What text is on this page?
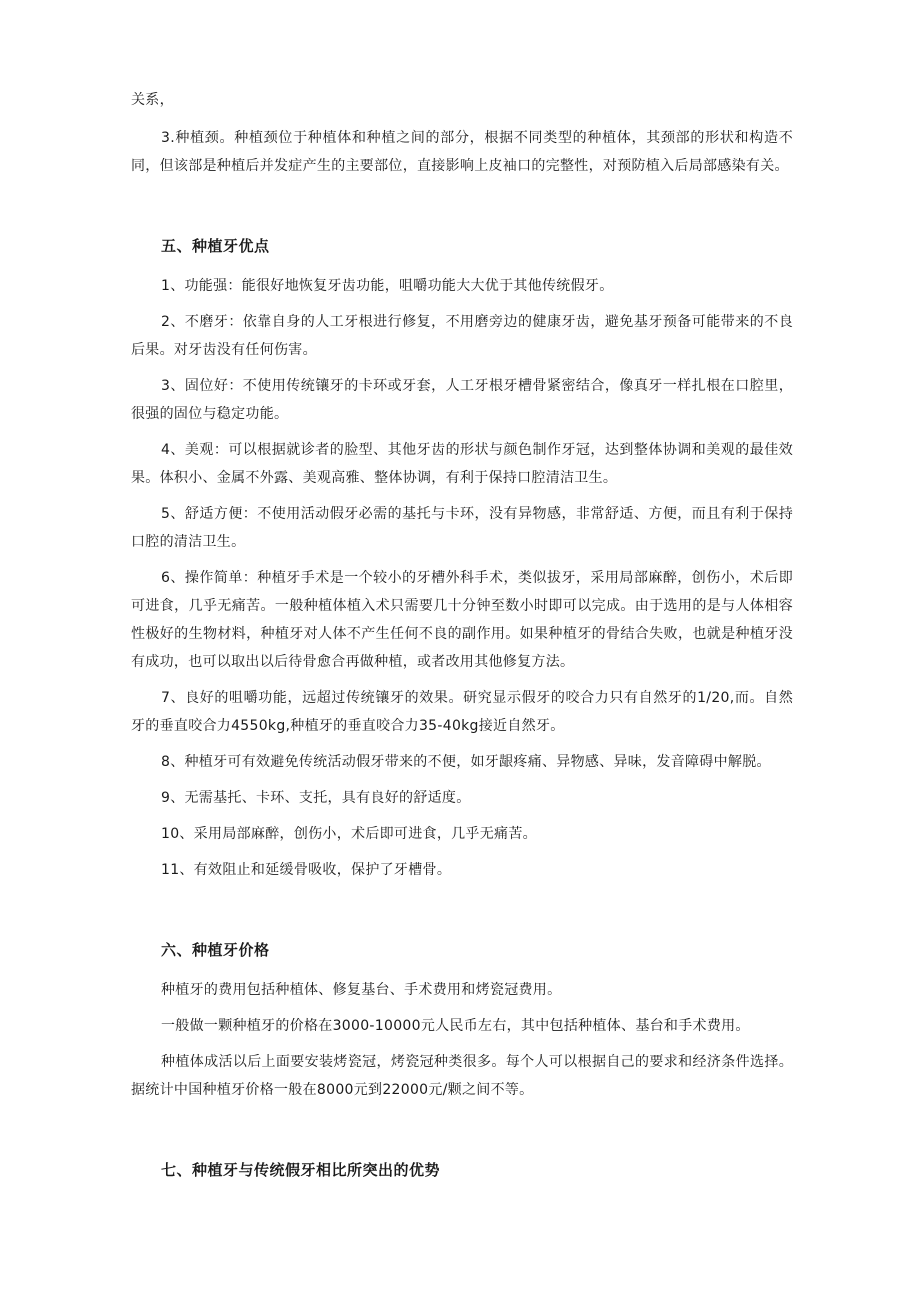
关系，

3.种植颈。种植颈位于种植体和种植之间的部分，根据不同类型的种植体，其颈部的形状和构造不同，但该部是种植后并发症产生的主要部位，直接影响上皮袖口的完整性，对预防植入后局部感染有关。

五、种植牙优点

1、功能强：能很好地恢复牙齿功能，咀嚼功能大大优于其他传统假牙。

2、不磨牙：依靠自身的人工牙根进行修复，不用磨旁边的健康牙齿，避免基牙预备可能带来的不良后果。对牙齿没有任何伤害。

3、固位好：不使用传统镶牙的卡环或牙套，人工牙根牙槽骨紧密结合，像真牙一样扎根在口腔里，很强的固位与稳定功能。

4、美观：可以根据就诊者的脸型、其他牙齿的形状与颜色制作牙冠，达到整体协调和美观的最佳效果。体积小、金属不外露、美观高雅、整体协调，有利于保持口腔清洁卫生。

5、舒适方便：不使用活动假牙必需的基托与卡环，没有异物感，非常舒适、方便，而且有利于保持口腔的清洁卫生。

6、操作简单：种植牙手术是一个较小的牙槽外科手术，类似拔牙，采用局部麻醉，创伤小，术后即可进食，几乎无痛苦。一般种植体植入术只需要几十分钟至数小时即可以完成。由于选用的是与人体相容性极好的生物材料，种植牙对人体不产生任何不良的副作用。如果种植牙的骨结合失败，也就是种植牙没有成功，也可以取出以后待骨愈合再做种植，或者改用其他修复方法。

7、良好的咀嚼功能，远超过传统镶牙的效果。研究显示假牙的咬合力只有自然牙的1/20,而。自然牙的垂直咬合力4550kg,种植牙的垂直咬合力35-40kg接近自然牙。

8、种植牙可有效避免传统活动假牙带来的不便，如牙龈疼痛、异物感、异味，发音障碍中解脱。

9、无需基托、卡环、支托，具有良好的舒适度。

10、采用局部麻醉，创伤小，术后即可进食，几乎无痛苦。

11、有效阻止和延缓骨吸收，保护了牙槽骨。

六、种植牙价格

种植牙的费用包括种植体、修复基台、手术费用和烤瓷冠费用。

一般做一颗种植牙的价格在3000-10000元人民币左右，其中包括种植体、基台和手术费用。

种植体成活以后上面要安装烤瓷冠，烤瓷冠种类很多。每个人可以根据自己的要求和经济条件选择。据统计中国种植牙价格一般在8000元到22000元/颗之间不等。

七、种植牙与传统假牙相比所突出的优势
